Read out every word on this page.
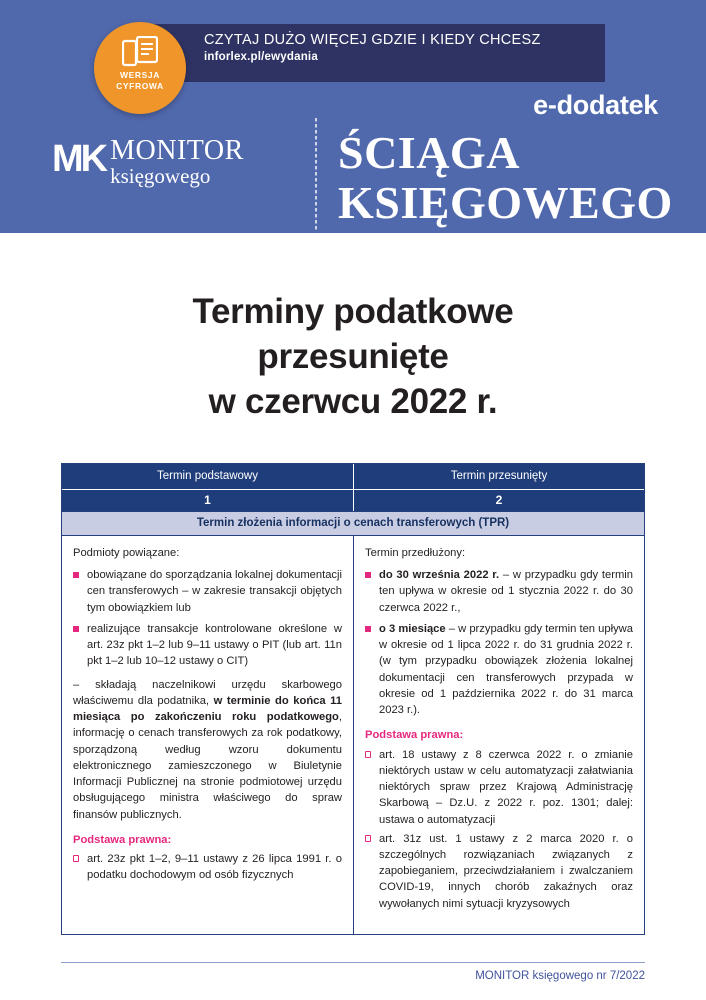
CZYTAJ DUŻO WIĘCEJ GDZIE I KIEDY CHCESZ
inforlex.pl/ewydania
WERSJA
CYFROWA
MK MONITOR
księgowego
e-dodatek
ŚCIĄGA
KSIĘGOWEGO
Terminy podatkowe
przesunięte
w czerwcu 2022 r.
Termin podstawowy	Termin przesunięty
1	2
Termin złożenia informacji o cenach transferowych (TPR)
Podmioty powiązane:
obowiązane do sporządzania lokalnej dokumentacji cen transferowych – w zakresie transakcji objętych tym obowiązkiem lub
realizujące transakcje kontrolowane określone w art. 23z pkt 1–2 lub 9–11 ustawy o PIT (lub art. 11n pkt 1–2 lub 10–12 ustawy o CIT)

– składają naczelnikowi urzędu skarbowego właściwemu dla podatnika, w terminie do końca 11 miesiąca po zakończeniu roku podatkowego, informację o cenach transferowych za rok podatkowy, sporządzoną według wzoru dokumentu elektronicznego zamieszczonego w Biuletynie Informacji Publicznej na stronie podmiotowej urzędu obsługującego ministra właściwego do spraw finansów publicznych.

Podstawa prawna:
art. 23z pkt 1–2, 9–11 ustawy z 26 lipca 1991 r. o podatku dochodowym od osób fizycznych
Termin przedłużony:
do 30 września 2022 r. – w przypadku gdy termin ten upływa w okresie od 1 stycznia 2022 r. do 30 czerwca 2022 r.,
o 3 miesiące – w przypadku gdy termin ten upływa w okresie od 1 lipca 2022 r. do 31 grudnia 2022 r. (w tym przypadku obowiązek złożenia lokalnej dokumentacji cen transferowych przypada w okresie od 1 października 2022 r. do 31 marca 2023 r.).
Podstawa prawna:
art. 18 ustawy z 8 czerwca 2022 r. o zmianie niektórych ustaw w celu automatyzacji załatwiania niektórych spraw przez Krajową Administrację Skarbową – Dz.U. z 2022 r. poz. 1301; dalej: ustawa o automatyzacji
art. 31z ust. 1 ustawy z 2 marca 2020 r. o szczególnych rozwiązaniach związanych z zapobieganiem, przeciwdziałaniem i zwalczaniem COVID-19, innych chorób zakaźnych oraz wywołanych nimi sytuacji kryzysowych
MONITOR księgowego nr 7/2022
